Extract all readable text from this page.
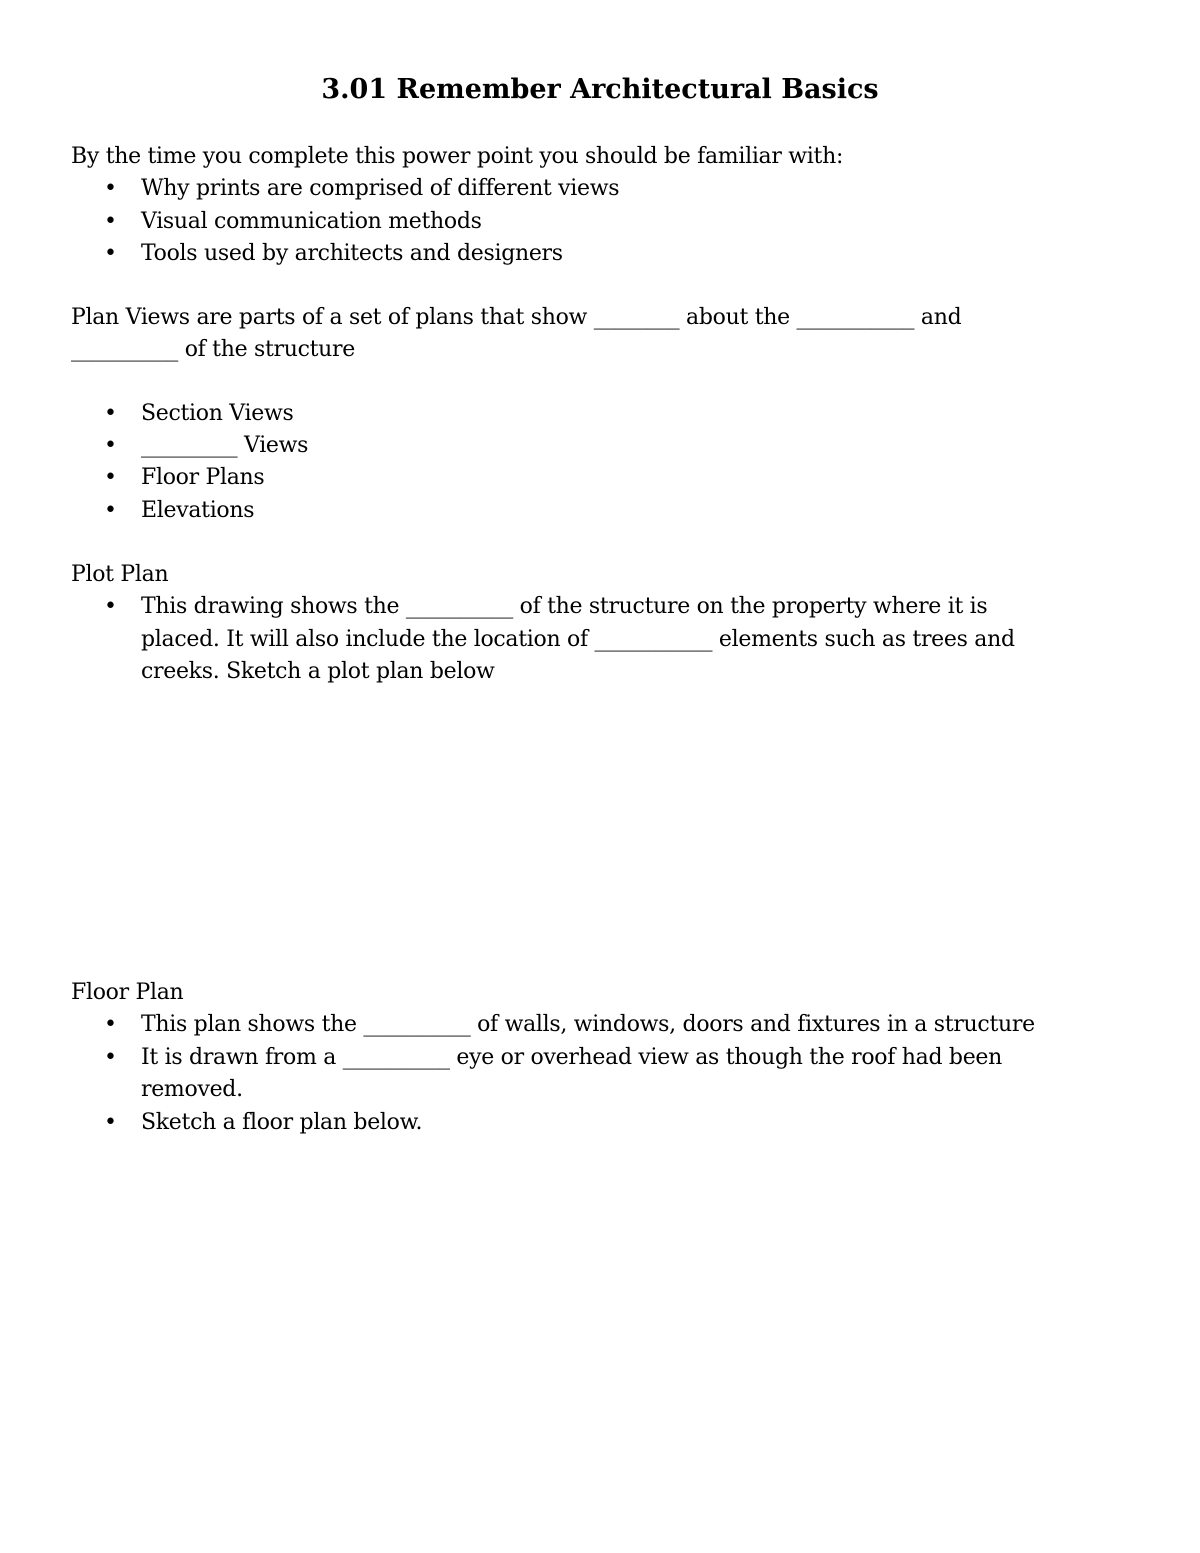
3.01 Remember Architectural Basics
By the time you complete this power point you should be familiar with:
• Why prints are comprised of different views
• Visual communication methods
• Tools used by architects and designers
Plan Views are parts of a set of plans that show ________ about the ___________ and
__________ of the structure
• Section Views
• _________ Views
• Floor Plans
• Elevations
Plot Plan
• This drawing shows the __________ of the structure on the property where it is
placed. It will also include the location of ___________ elements such as trees and
creeks. Sketch a plot plan below
Floor Plan
• This plan shows the __________ of walls, windows, doors and fixtures in a structure
• It is drawn from a __________ eye or overhead view as though the roof had been
removed.
• Sketch a floor plan below.
